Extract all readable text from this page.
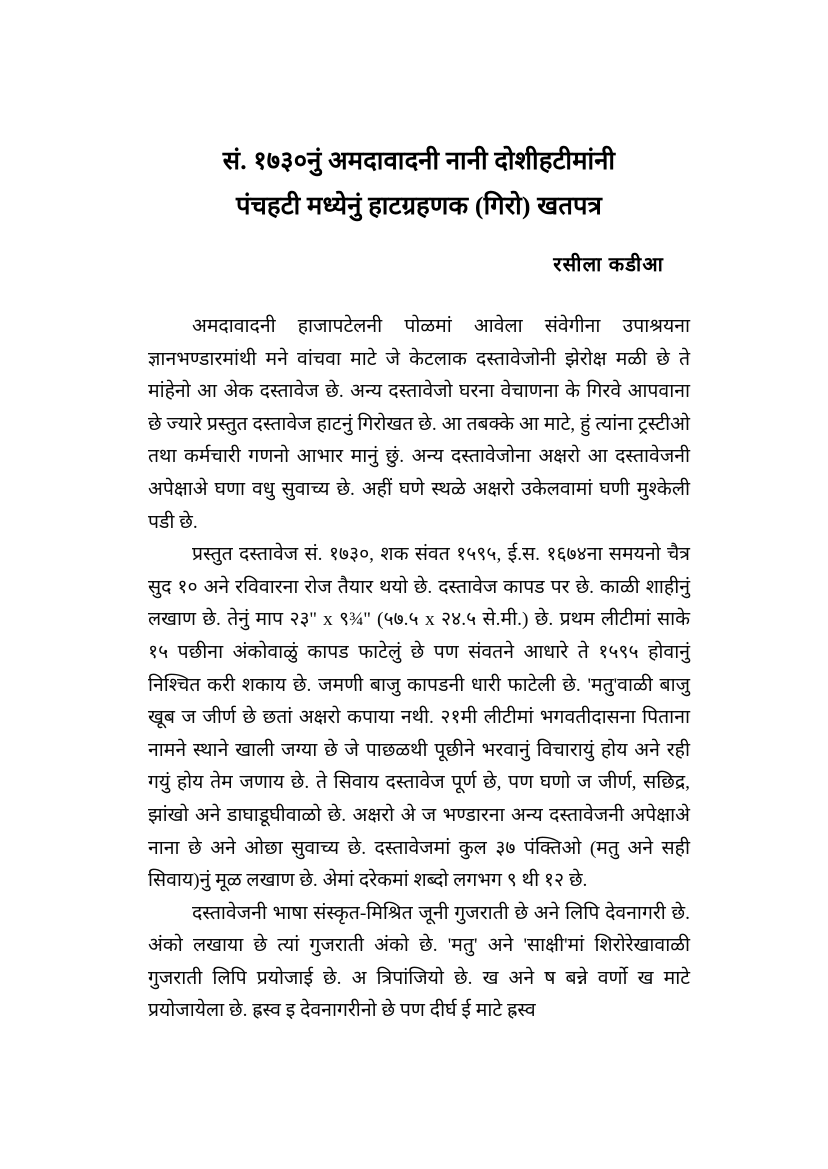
सं. १७३०नुं अमदावादनी नानी दोशीहटीमांनी
पंचहटी मध्येनुं हाटग्रहणक (गिरो) खतपत्र
रसीला कडीआ

अमदावादनी हाजापटेलनी पोळमां आवेला संवेगीना उपाश्रयना ज्ञानभण्डारमांथी मने वांचवा माटे जे केटलाक दस्तावेजोनी झेरोक्ष मळी छे ते मांहेनो आ अेक दस्तावेज छे. अन्य दस्तावेजो घरना वेचाणना के गिरवे आपवाना छे ज्यारे प्रस्तुत दस्तावेज हाटनुं गिरोखत छे. आ तबक्के आ माटे, हुं त्यांना ट्रस्टीओ तथा कर्मचारी गणनो आभार मानुं छुं. अन्य दस्तावेजोना अक्षरो आ दस्तावेजनी अपेक्षाअे घणा वधु सुवाच्य छे. अहीं घणे स्थळे अक्षरो उकेलवामां घणी मुश्केली पडी छे.

प्रस्तुत दस्तावेज सं. १७३०, शक संवत १५९५, ई.स. १६७४ना समयनो चैत्र सुद १० अने रविवारना रोज तैयार थयो छे. दस्तावेज कापड पर छे. काळी शाहीनुं लखाण छे. तेनुं माप २३'' x ९¾'' (५७.५ x २४.५ से.मी.) छे. प्रथम लीटीमां साके १५ पछीना अंकोवाळुं कापड फाटेलुं छे पण संवतने आधारे ते १५९५ होवानुं निश्चित करी शकाय छे. जमणी बाजु कापडनी धारी फाटेली छे. 'मतु'वाळी बाजु खूब ज जीर्ण छे छतां अक्षरो कपाया नथी. २१मी लीटीमां भगवतीदासना पिताना नामने स्थाने खाली जग्या छे जे पाछळथी पूछीने भरवानुं विचारायुं होय अने रही गयुं होय तेम जणाय छे. ते सिवाय दस्तावेज पूर्ण छे, पण घणो ज जीर्ण, सछिद्र, झांखो अने डाघाडूघीवाळो छे. अक्षरो अे ज भण्डारना अन्य दस्तावेजनी अपेक्षाअे नाना छे अने ओछा सुवाच्य छे. दस्तावेजमां कुल ३७ पंक्तिओ (मतु अने सही सिवाय)नुं मूळ लखाण छे. अेमां दरेकमां शब्दो लगभग ९ थी १२ छे.

दस्तावेजनी भाषा संस्कृत-मिश्रित जूनी गुजराती छे अने लिपि देवनागरी छे. अंको लखाया छे त्यां गुजराती अंको छे. 'मतु' अने 'साक्षी'मां शिरोरेखावाळी गुजराती लिपि प्रयोजाई छे. अ त्रिपांजियो छे. ख अने ष बन्ने वर्णो ख माटे प्रयोजायेला छे. ह्रस्व इ देवनागरीनो छे पण दीर्घ ई माटे ह्रस्व
